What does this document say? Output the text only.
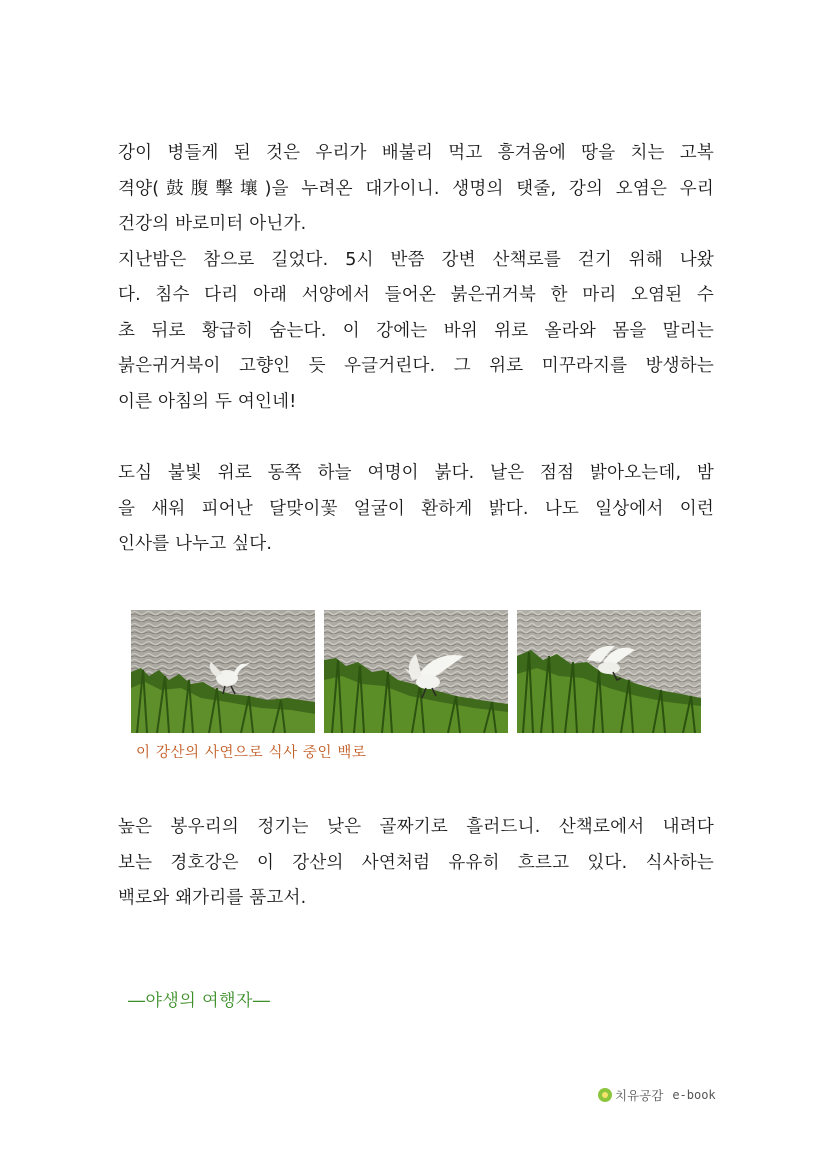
강이 병들게 된 것은 우리가 배불리 먹고 흥겨움에 땅을 치는 고복
격양(鼓腹擊壤)을 누려온 대가이니. 생명의 탯줄, 강의 오염은 우리
건강의 바로미터 아닌가.
지난밤은 참으로 길었다. 5시 반쯤 강변 산책로를 걷기 위해 나왔
다. 침수 다리 아래 서양에서 들어온 붉은귀거북 한 마리 오염된 수
초 뒤로 황급히 숨는다. 이 강에는 바위 위로 올라와 몸을 말리는
붉은귀거북이 고향인 듯 우글거린다. 그 위로 미꾸라지를 방생하는
이른 아침의 두 여인네!
도심 불빛 위로 동쪽 하늘 여명이 붉다. 날은 점점 밝아오는데, 밤
을 새워 피어난 달맞이꽃 얼굴이 환하게 밝다. 나도 일상에서 이런
인사를 나누고 싶다.
이 강산의 사연으로 식사 중인 백로
높은 봉우리의 정기는 낮은 골짜기로 흘러드니. 산책로에서 내려다
보는 경호강은 이 강산의 사연처럼 유유히 흐르고 있다. 식사하는
백로와 왜가리를 품고서.
―야생의 여행자―
치유공감 e-book
